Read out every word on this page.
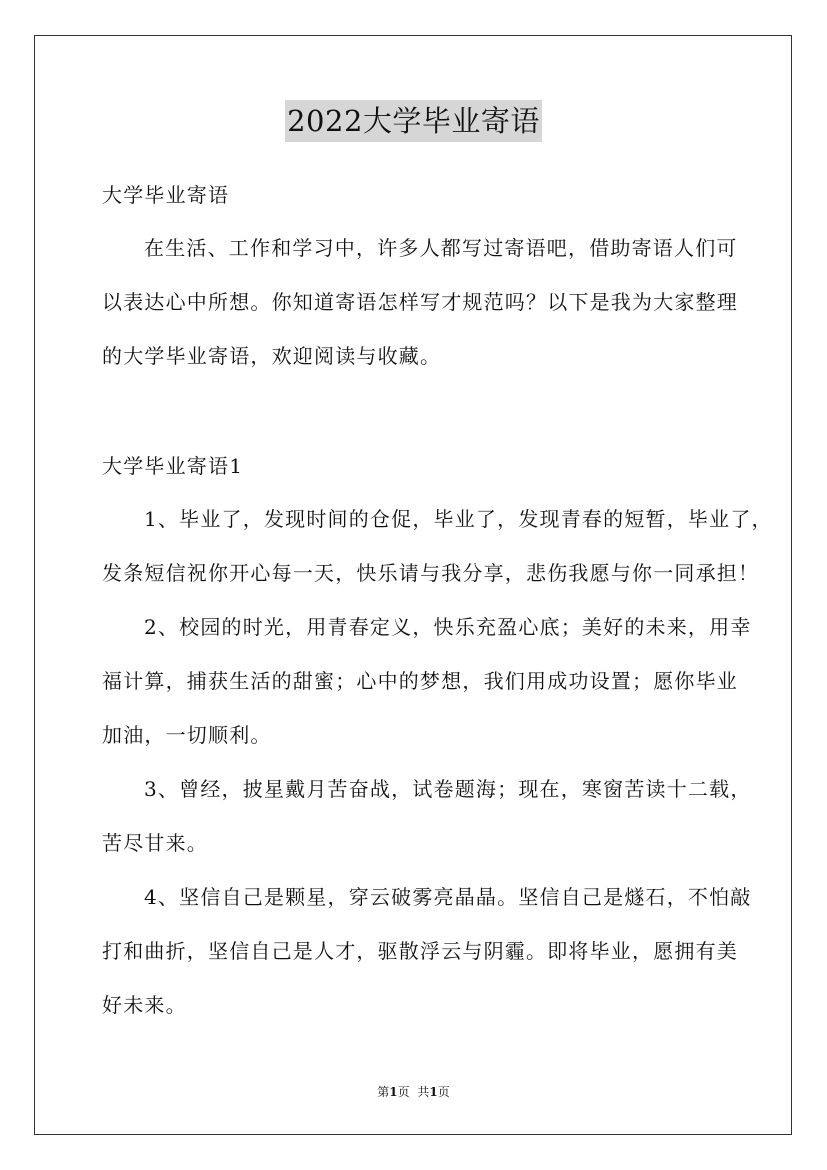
2022大学毕业寄语
大学毕业寄语
在生活、工作和学习中，许多人都写过寄语吧，借助寄语人们可
以表达心中所想。你知道寄语怎样写才规范吗？以下是我为大家整理
的大学毕业寄语，欢迎阅读与收藏。
大学毕业寄语1
1、毕业了，发现时间的仓促，毕业了，发现青春的短暂，毕业了，
发条短信祝你开心每一天，快乐请与我分享，悲伤我愿与你一同承担！
2、校园的时光，用青春定义，快乐充盈心底；美好的未来，用幸
福计算，捕获生活的甜蜜；心中的梦想，我们用成功设置；愿你毕业
加油，一切顺利。
3、曾经，披星戴月苦奋战，试卷题海；现在，寒窗苦读十二载，
苦尽甘来。
4、坚信自己是颗星，穿云破雾亮晶晶。坚信自己是燧石，不怕敲
打和曲折，坚信自己是人才，驱散浮云与阴霾。即将毕业，愿拥有美
好未来。
第1页 共1页
